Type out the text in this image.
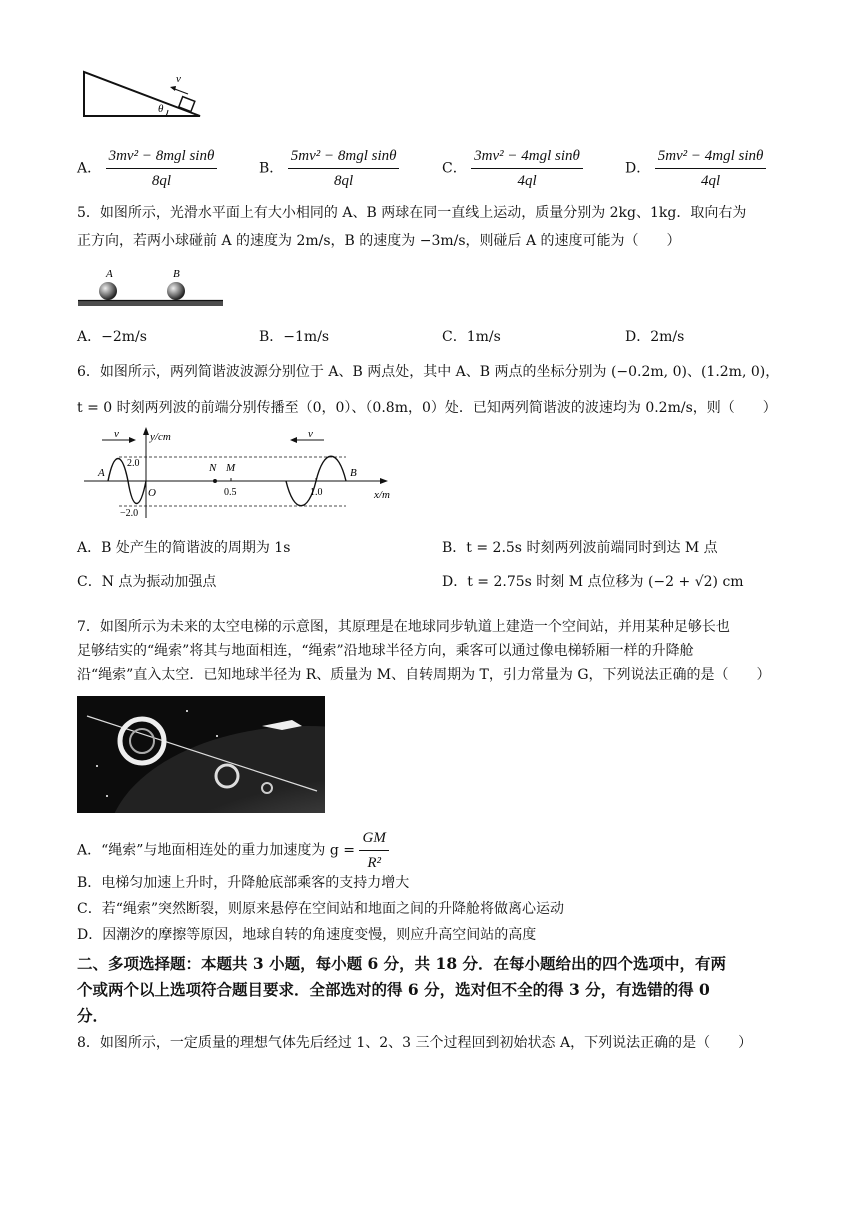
v
θ
A． $\frac{\text{3mv² − 8mgl sinθ}}{8ql}$	B． $\frac{\text{5mv² − 8mgl sinθ}}{8ql}$	C． $\frac{\text{3mv² − 4mgl sinθ}}{4ql}$	D． $\frac{\text{5mv² − 4mgl sinθ}}{4ql}$
5．如图所示，光滑水平面上有大小相同的 A、B 两球在同一直线上运动，质量分别为 2kg、1kg．取向右为
正方向，若两小球碰前 A 的速度为 2m/s，B 的速度为 −3m/s，则碰后 A 的速度可能为（　　）
A	B
A．−2m/s	B．−1m/s	C．1m/s	D．2m/s
6．如图所示，两列简谐波波源分别位于 A、B 两点处，其中 A、B 两点的坐标分别为 (−0.2m, 0)、(1.2m, 0)，
t = 0 时刻两列波的前端分别传播至（0，0）、（0.8m，0）处．已知两列简谐波的波速均为 0.2m/s，则（　　）
v	v
y/cm
x/m
A	B
N M
O
2.0
−2.0
0.5	1.0
A．B 处产生的简谐波的周期为 1s	B．t = 2.5s 时刻两列波前端同时到达 M 点
C．N 点为振动加强点	D．t = 2.75s 时刻 M 点位移为 (−2 + √2) cm
7．如图所示为未来的太空电梯的示意图，其原理是在地球同步轨道上建造一个空间站，并用某种足够长也
足够结实的“绳索”将其与地面相连，“绳索”沿地球半径方向，乘客可以通过像电梯轿厢一样的升降舱
沿“绳索”直入太空．已知地球半径为 R、质量为 M、自转周期为 T，引力常量为 G，下列说法正确的是（　　）
A．“绳索”与地面相连处的重力加速度为 $g = \frac{GM}{\text{R²}}$
B．电梯匀加速上升时，升降舱底部乘客的支持力增大
C．若“绳索”突然断裂，则原来悬停在空间站和地面之间的升降舱将做离心运动
D．因潮汐的摩擦等原因，地球自转的角速度变慢，则应升高空间站的高度
二、多项选择题：本题共 3 小题，每小题 6 分，共 18 分．在每小题给出的四个选项中，有两
个或两个以上选项符合题目要求．全部选对的得 6 分，选对但不全的得 3 分，有选错的得 0
分．
8．如图所示，一定质量的理想气体先后经过 1、2、3 三个过程回到初始状态 A，下列说法正确的是（　　）
